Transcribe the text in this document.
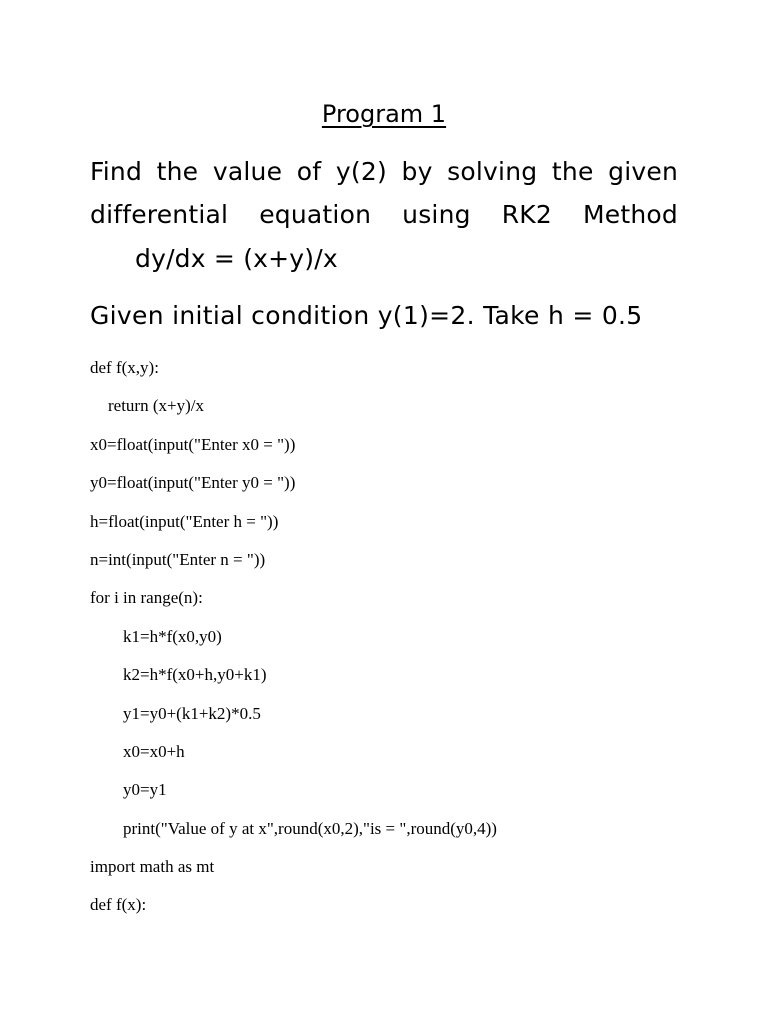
Program 1
Find the value of y(2) by solving the given
differential equation using RK2 Method
dy/dx = (x+y)/x
Given initial condition y(1)=2. Take h = 0.5
def f(x,y):
return (x+y)/x
x0=float(input("Enter x0 = "))
y0=float(input("Enter y0 = "))
h=float(input("Enter h = "))
n=int(input("Enter n = "))
for i in range(n):
k1=h*f(x0,y0)
k2=h*f(x0+h,y0+k1)
y1=y0+(k1+k2)*0.5
x0=x0+h
y0=y1
print("Value of y at x",round(x0,2),"is = ",round(y0,4))
import math as mt
def f(x):
